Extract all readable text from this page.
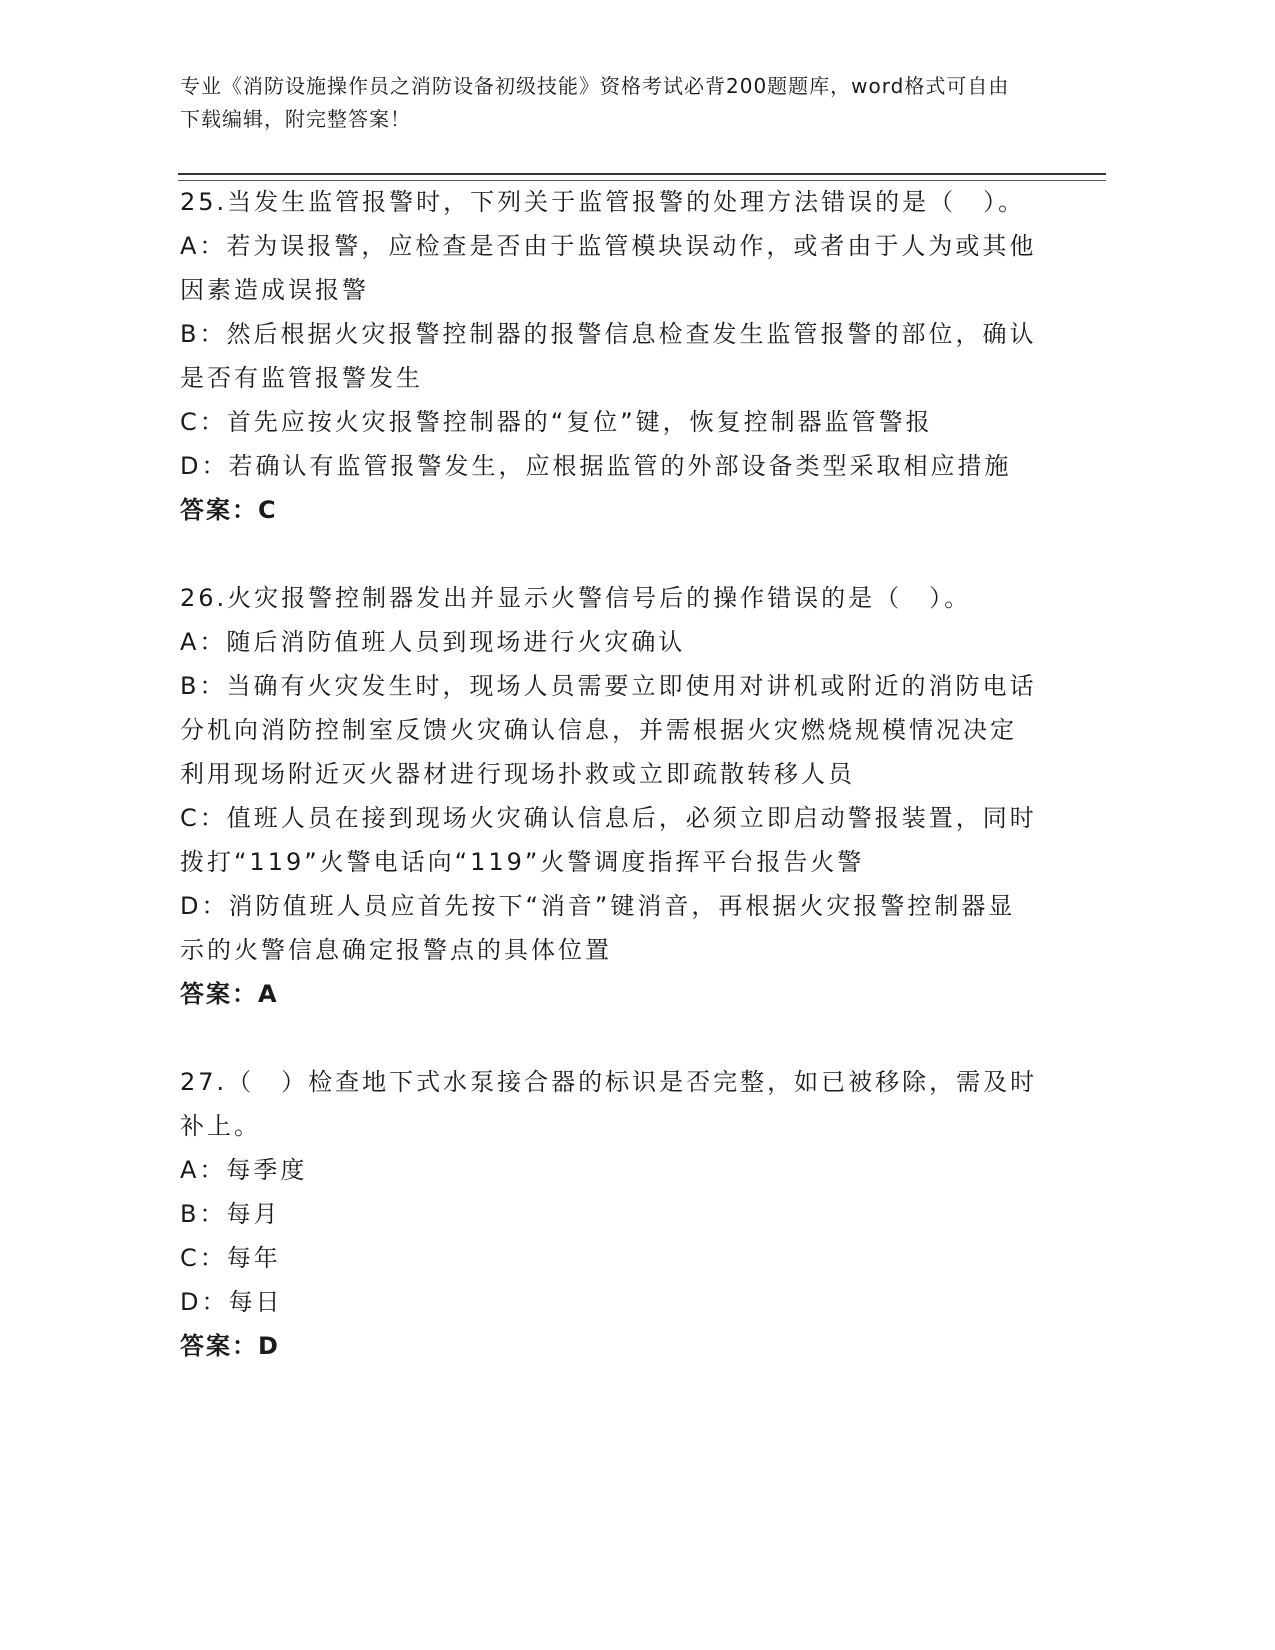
专业《消防设施操作员之消防设备初级技能》资格考试必背200题题库，word格式可自由下载编辑，附完整答案！
25.当发生监管报警时，下列关于监管报警的处理方法错误的是（　）。
A：若为误报警，应检查是否由于监管模块误动作，或者由于人为或其他因素造成误报警
B：然后根据火灾报警控制器的报警信息检查发生监管报警的部位，确认是否有监管报警发生
C：首先应按火灾报警控制器的“复位”键，恢复控制器监管警报
D：若确认有监管报警发生，应根据监管的外部设备类型采取相应措施
答案：C
26.火灾报警控制器发出并显示火警信号后的操作错误的是（　）。
A：随后消防值班人员到现场进行火灾确认
B：当确有火灾发生时，现场人员需要立即使用对讲机或附近的消防电话分机向消防控制室反馈火灾确认信息，并需根据火灾燃烧规模情况决定利用现场附近灭火器材进行现场扑救或立即疏散转移人员
C：值班人员在接到现场火灾确认信息后，必须立即启动警报装置，同时拨打“119”火警电话向“119”火警调度指挥平台报告火警
D：消防值班人员应首先按下“消音”键消音，再根据火灾报警控制器显示的火警信息确定报警点的具体位置
答案：A
27.（　）检查地下式水泵接合器的标识是否完整，如已被移除，需及时补上。
A：每季度
B：每月
C：每年
D：每日
答案：D
